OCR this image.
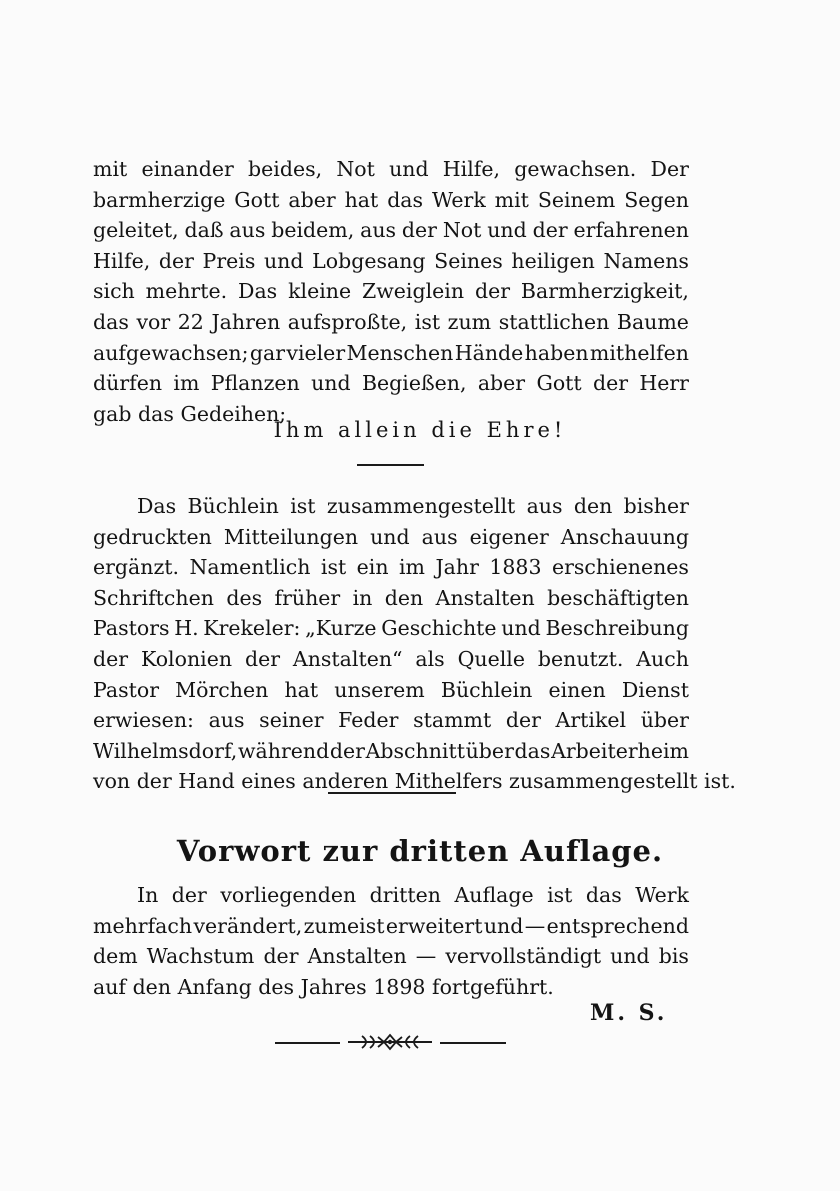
mit einander beides, Not und Hilfe, gewachsen. Der
barmherzige Gott aber hat das Werk mit Seinem Segen
geleitet, daß aus beidem, aus der Not und der erfahrenen
Hilfe, der Preis und Lobgesang Seines heiligen Namens
sich mehrte. Das kleine Zweiglein der Barmherzigkeit,
das vor 22 Jahren aufsproßte, ist zum stattlichen Baume
aufgewachsen; gar vieler Menschen Hände haben mithelfen
dürfen im Pflanzen und Begießen, aber Gott der Herr
gab das Gedeihen;
Ihm allein die Ehre!
Das Büchlein ist zusammengestellt aus den bisher
gedruckten Mitteilungen und aus eigener Anschauung
ergänzt. Namentlich ist ein im Jahr 1883 erschienenes
Schriftchen des früher in den Anstalten beschäftigten
Pastors H. Krekeler: „Kurze Geschichte und Beschreibung
der Kolonien der Anstalten“ als Quelle benutzt. Auch
Pastor Mörchen hat unserem Büchlein einen Dienst
erwiesen: aus seiner Feder stammt der Artikel über
Wilhelmsdorf, während der Abschnitt über das Arbeiterheim
von der Hand eines anderen Mithelfers zusammengestellt ist.
Vorwort zur dritten Auflage.
In der vorliegenden dritten Auflage ist das Werk
mehrfach verändert, zumeist erweitert und — entsprechend
dem Wachstum der Anstalten — vervollständigt und bis
auf den Anfang des Jahres 1898 fortgeführt.
M. S.
